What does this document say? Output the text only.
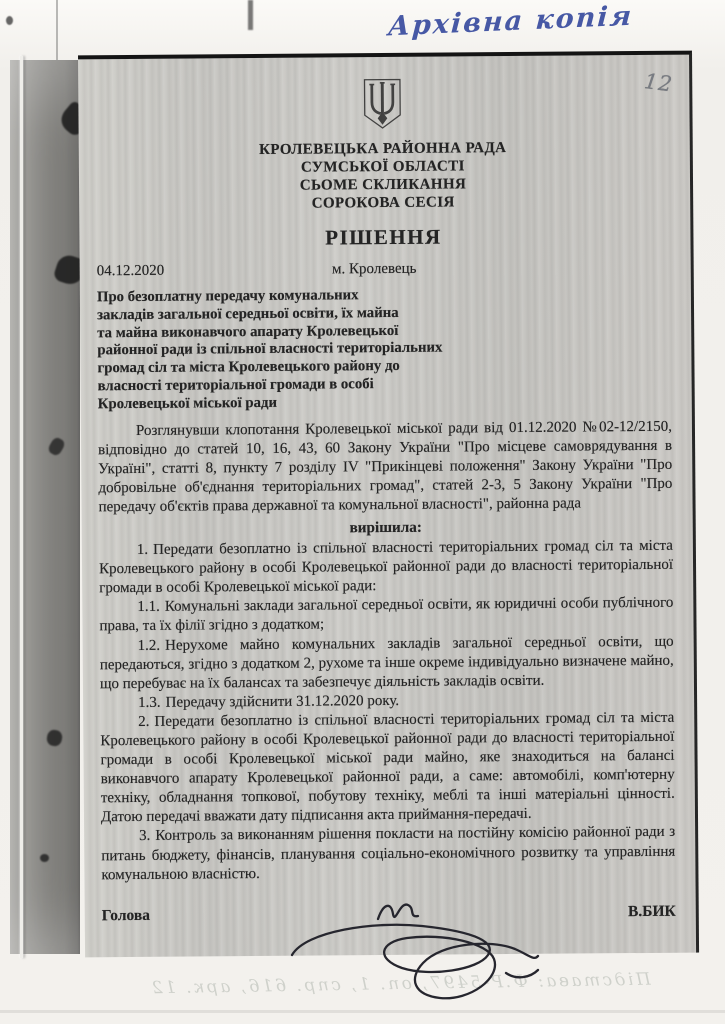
Архівна копія
12
КРОЛЕВЕЦЬКА РАЙОННА РАДА
СУМСЬКОЇ ОБЛАСТІ
СЬОМЕ СКЛИКАННЯ
СОРОКОВА СЕСІЯ
РІШЕННЯ
04.12.2020	м. Кролевець
Про безоплатну передачу комунальних
закладів загальної середньої освіти, їх майна
та майна виконавчого апарату Кролевецької
районної ради із спільної власності територіальних
громад сіл та міста Кролевецького району до
власності територіальної громади в особі
Кролевецької міської ради

Розглянувши клопотання Кролевецької міської ради від 01.12.2020 №02-12/2150, відповідно до статей 10, 16, 43, 60 Закону України "Про місцеве самоврядування в Україні", статті 8, пункту 7 розділу IV "Прикінцеві положення" Закону України "Про добровільне об'єднання територіальних громад", статей 2-3, 5 Закону України "Про передачу об'єктів права державної та комунальної власності", районна рада

вирішила:

1. Передати безоплатно із спільної власності територіальних громад сіл та міста Кролевецького району в особі Кролевецької районної ради до власності територіальної громади в особі Кролевецької міської ради:

1.1. Комунальні заклади загальної середньої освіти, як юридичні особи публічного права, та їх філії згідно з додатком;

1.2. Нерухоме майно комунальних закладів загальної середньої освіти, що передаються, згідно з додатком 2, рухоме та інше окреме індивідуально визначене майно, що перебуває на їх балансах та забезпечує діяльність закладів освіти.

1.3. Передачу здійснити 31.12.2020 року.

2. Передати безоплатно із спільної власності територіальних громад сіл та міста Кролевецького району в особі Кролевецької районної ради до власності територіальної громади в особі Кролевецької міської ради майно, яке знаходиться на балансі виконавчого апарату Кролевецької районної ради, а саме: автомобілі, комп'ютерну техніку, обладнання топкової, побутову техніку, меблі та інші матеріальні цінності. Датою передачі вважати дату підписання акта приймання-передачі.

3. Контроль за виконанням рішення покласти на постійну комісію районної ради з питань бюджету, фінансів, планування соціально-економічного розвитку та управління комунальною власністю.

Голова	В.БИК
Підстава: Ф.Р-5497, оп. 1, спр. 616, арк. 12
